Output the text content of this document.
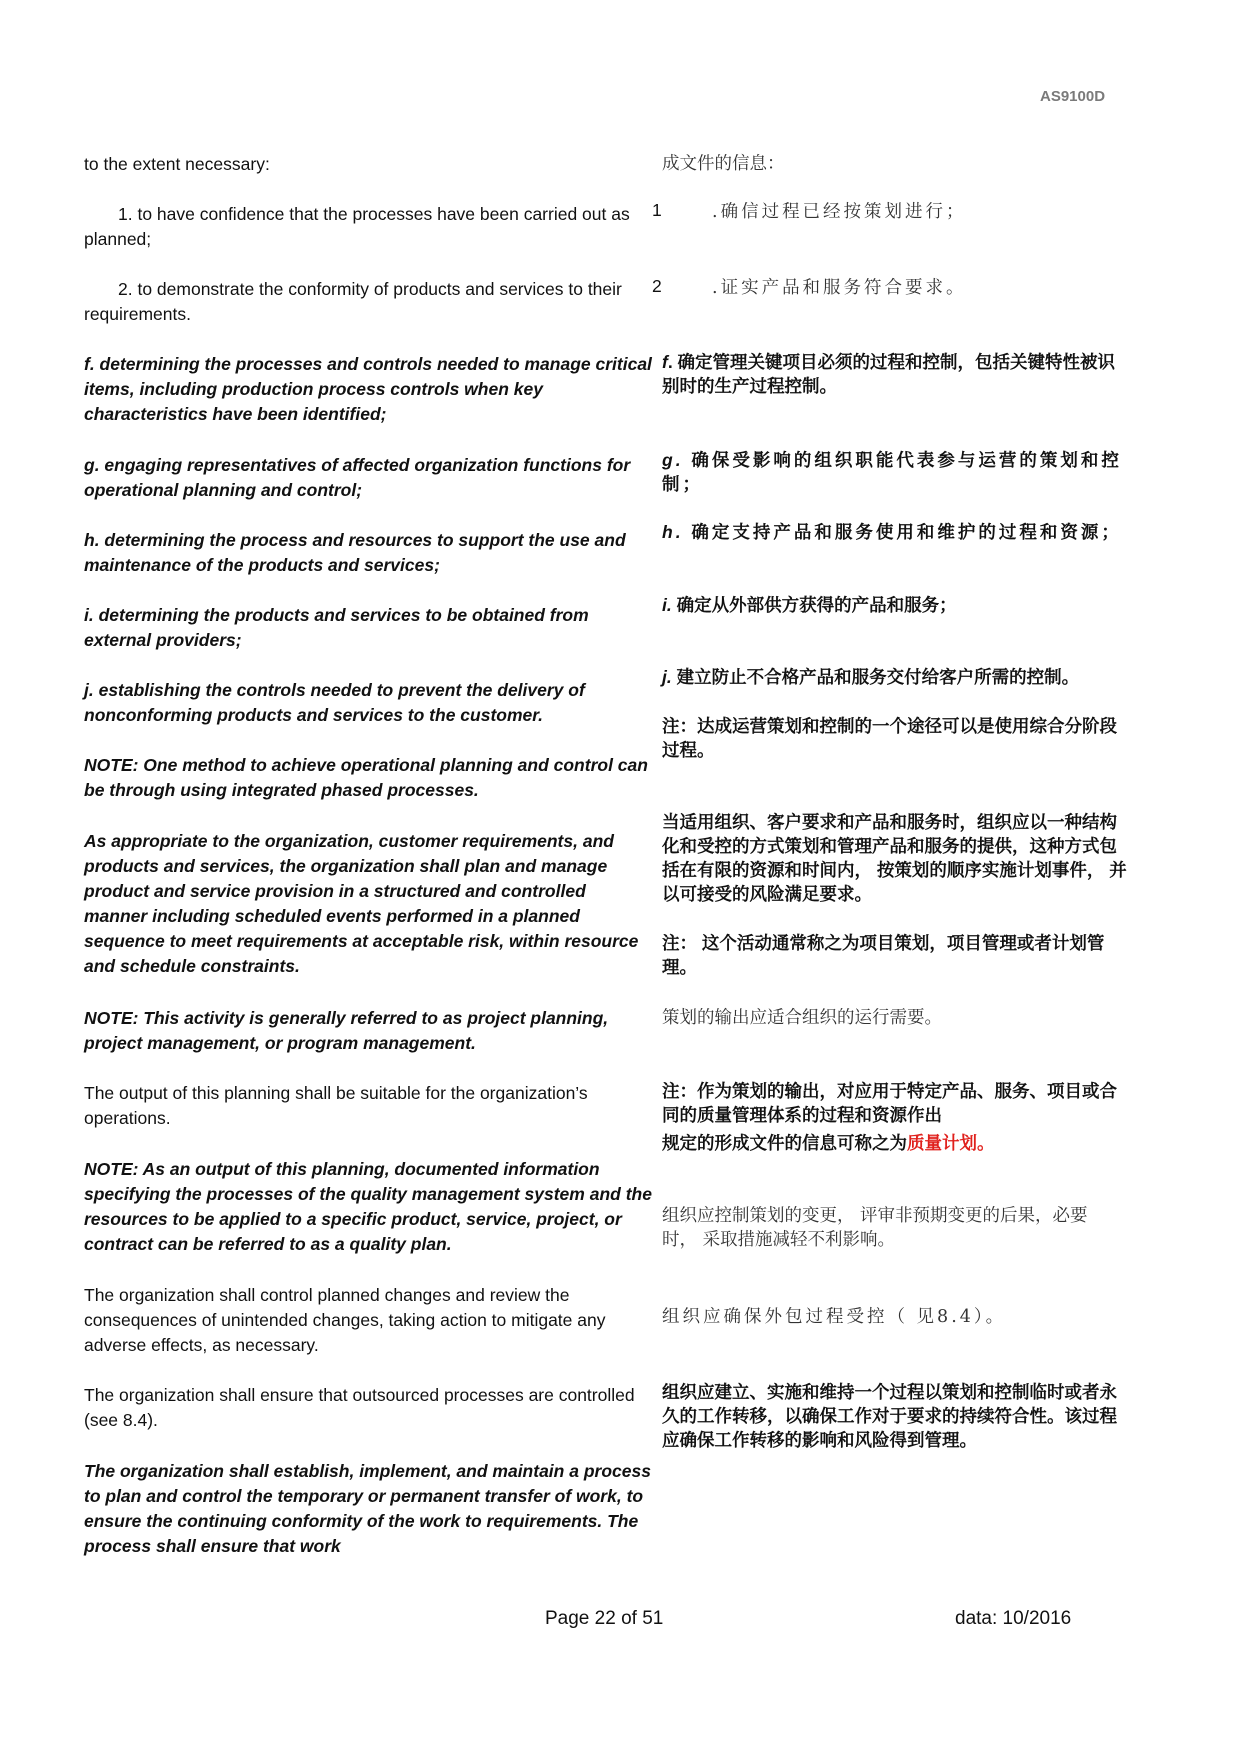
AS9100D
to the extent necessary:
1. to have confidence that the processes have been carried out as planned;
2. to demonstrate the conformity of products and services to their requirements.
f. determining the processes and controls needed to manage critical items, including production process controls when key characteristics have been identified;
g. engaging representatives of affected organization functions for operational planning and control;
h. determining the process and resources to support the use and maintenance of the products and services;
i. determining the products and services to be obtained from external providers;
j. establishing the controls needed to prevent the delivery of nonconforming products and services to the customer.
NOTE: One method to achieve operational planning and control can be through using integrated phased processes.
As appropriate to the organization, customer requirements, and products and services, the organization shall plan and manage product and service provision in a structured and controlled manner including scheduled events performed in a planned sequence to meet requirements at acceptable risk, within resource and schedule constraints.
NOTE: This activity is generally referred to as project planning, project management, or program management.
The output of this planning shall be suitable for the organization’s operations.
NOTE: As an output of this planning, documented information specifying the processes of the quality management system and the resources to be applied to a specific product, service, project, or contract can be referred to as a quality plan.
The organization shall control planned changes and review the consequences of unintended changes, taking action to mitigate any adverse effects, as necessary.
The organization shall ensure that outsourced processes are controlled (see 8.4).
The organization shall establish, implement, and maintain a process to plan and control the temporary or permanent transfer of work, to ensure the continuing conformity of the work to requirements. The process shall ensure that work
成文件的信息：
1	.确信过程已经按策划进行；
2	.证实产品和服务符合要求。
f. 确定管理关键项目必须的过程和控制，包括关键特性被识别时的生产过程控制。
g. 确保受影响的组织职能代表参与运营的策划和控制；
h. 确定支持产品和服务使用和维护的过程和资源；
i. 确定从外部供方获得的产品和服务；
j. 建立防止不合格产品和服务交付给客户所需的控制。
注：达成运营策划和控制的一个途径可以是使用综合分阶段过程。
当适用组织、客户要求和产品和服务时，组织应以一种结构化和受控的方式策划和管理产品和服务的提供，这种方式包括在有限的资源和时间内， 按策划的顺序实施计划事件， 并以可接受的风险满足要求。
注： 这个活动通常称之为项目策划，项目管理或者计划管理。
策划的输出应适合组织的运行需要。
注：作为策划的输出，对应用于特定产品、服务、项目或合同的质量管理体系的过程和资源作出
规定的形成文件的信息可称之为质量计划。
组织应控制策划的变更， 评审非预期变更的后果，必要时， 采取措施减轻不利影响。
组织应确保外包过程受控（ 见8.4）。
组织应建立、实施和维持一个过程以策划和控制临时或者永久的工作转移，以确保工作对于要求的持续符合性。该过程应确保工作转移的影响和风险得到管理。
Page 22 of 51	data: 10/2016
